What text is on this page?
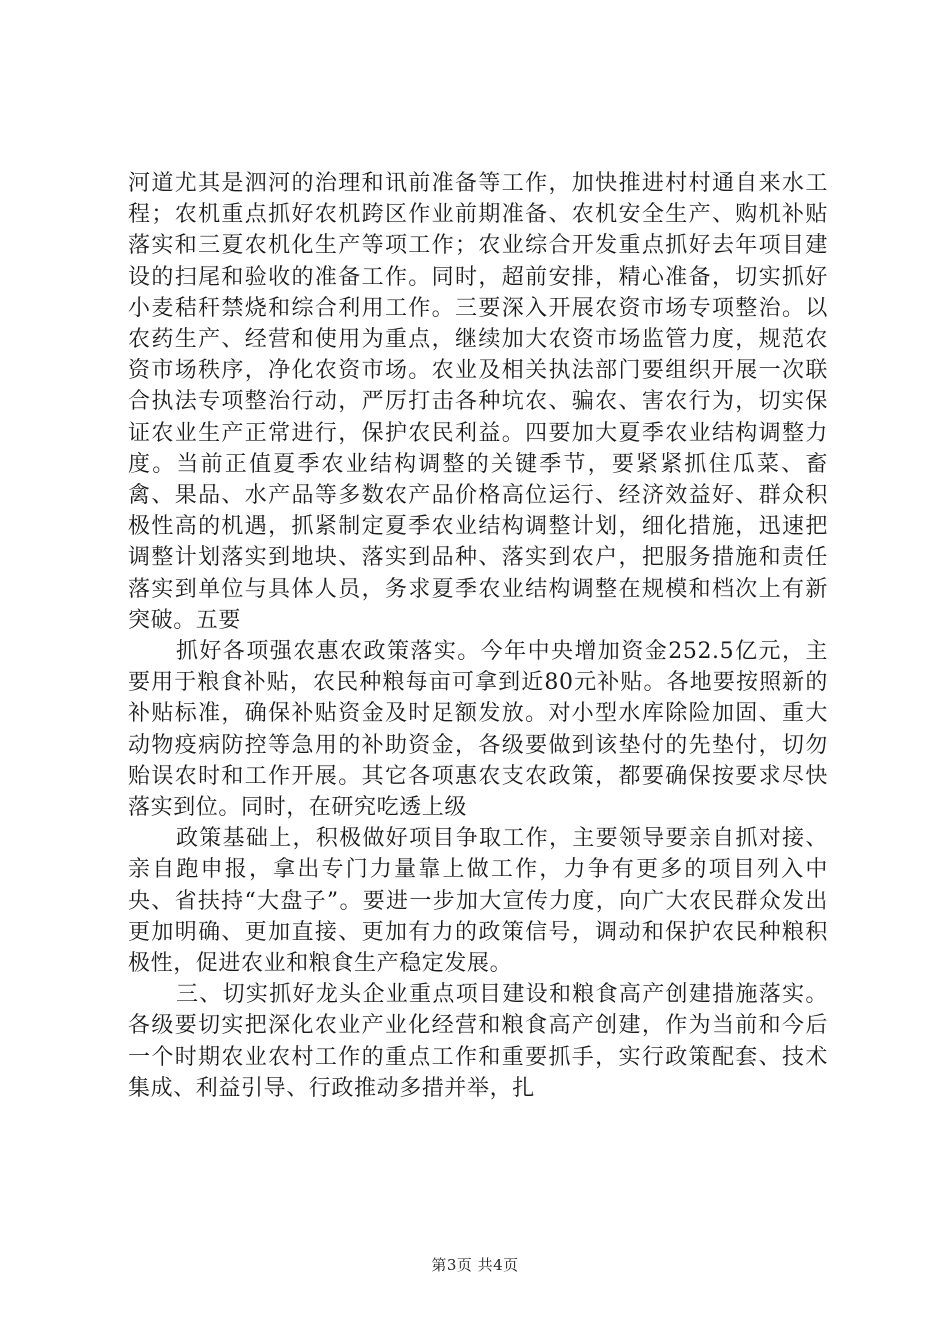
河道尤其是泗河的治理和讯前准备等工作，加快推进村村通自来水工程；农机重点抓好农机跨区作业前期准备、农机安全生产、购机补贴落实和三夏农机化生产等项工作；农业综合开发重点抓好去年项目建设的扫尾和验收的准备工作。同时，超前安排，精心准备，切实抓好小麦秸秆禁烧和综合利用工作。三要深入开展农资市场专项整治。以农药生产、经营和使用为重点，继续加大农资市场监管力度，规范农资市场秩序，净化农资市场。农业及相关执法部门要组织开展一次联合执法专项整治行动，严厉打击各种坑农、骗农、害农行为，切实保证农业生产正常进行，保护农民利益。四要加大夏季农业结构调整力度。当前正值夏季农业结构调整的关键季节，要紧紧抓住瓜菜、畜禽、果品、水产品等多数农产品价格高位运行、经济效益好、群众积极性高的机遇，抓紧制定夏季农业结构调整计划，细化措施，迅速把调整计划落实到地块、落实到品种、落实到农户，把服务措施和责任落实到单位与具体人员，务求夏季农业结构调整在规模和档次上有新突破。五要

抓好各项强农惠农政策落实。今年中央增加资金252.5亿元，主要用于粮食补贴，农民种粮每亩可拿到近80元补贴。各地要按照新的补贴标准，确保补贴资金及时足额发放。对小型水库除险加固、重大动物疫病防控等急用的补助资金，各级要做到该垫付的先垫付，切勿贻误农时和工作开展。其它各项惠农支农政策，都要确保按要求尽快落实到位。同时，在研究吃透上级

政策基础上，积极做好项目争取工作，主要领导要亲自抓对接、亲自跑申报，拿出专门力量靠上做工作，力争有更多的项目列入中央、省扶持“大盘子”。要进一步加大宣传力度，向广大农民群众发出更加明确、更加直接、更加有力的政策信号，调动和保护农民种粮积极性，促进农业和粮食生产稳定发展。

三、切实抓好龙头企业重点项目建设和粮食高产创建措施落实。各级要切实把深化农业产业化经营和粮食高产创建，作为当前和今后一个时期农业农村工作的重点工作和重要抓手，实行政策配套、技术集成、利益引导、行政推动多措并举，扎

第3页 共4页
